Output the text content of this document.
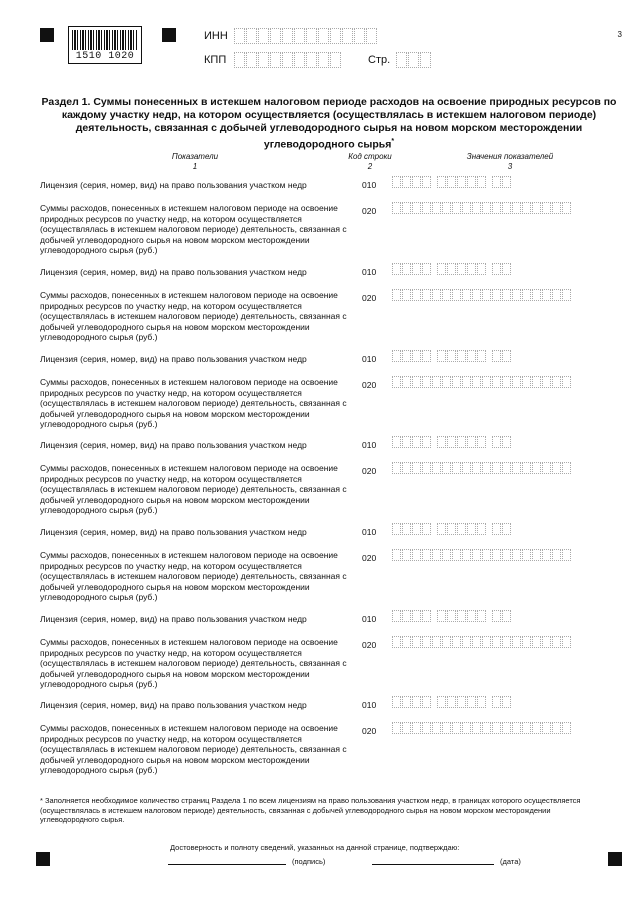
1510 1020
ИНН
КПП	Стр.
3
Раздел 1. Суммы понесенных в истекшем налоговом периоде расходов на освоение природных ресурсов по каждому участку недр, на котором осуществляется (осуществлялась в истекшем налоговом периоде) деятельность, связанная с добычей углеводородного сырья на новом морском месторождении углеводородного сырья*
Показатели
1
Код строки
2
Значения показателей
3
Лицензия (серия, номер, вид) на право пользования участком недр	010
Суммы расходов, понесенных в истекшем налоговом периоде на освоение природных ресурсов по участку недр, на котором осуществляется (осуществлялась в истекшем налоговом периоде) деятельность, связанная с добычей углеводородного сырья на новом морском месторождении углеводородного сырья (руб.)
020
Лицензия (серия, номер, вид) на право пользования участком недр	010
Суммы расходов, понесенных в истекшем налоговом периоде на освоение природных ресурсов по участку недр, на котором осуществляется (осуществлялась в истекшем налоговом периоде) деятельность, связанная с добычей углеводородного сырья на новом морском месторождении углеводородного сырья (руб.)
020
Лицензия (серия, номер, вид) на право пользования участком недр	010
Суммы расходов, понесенных в истекшем налоговом периоде на освоение природных ресурсов по участку недр, на котором осуществляется (осуществлялась в истекшем налоговом периоде) деятельность, связанная с добычей углеводородного сырья на новом морском месторождении углеводородного сырья (руб.)
020
Лицензия (серия, номер, вид) на право пользования участком недр	010
Суммы расходов, понесенных в истекшем налоговом периоде на освоение природных ресурсов по участку недр, на котором осуществляется (осуществлялась в истекшем налоговом периоде) деятельность, связанная с добычей углеводородного сырья на новом морском месторождении углеводородного сырья (руб.)
020
Лицензия (серия, номер, вид) на право пользования участком недр	010
Суммы расходов, понесенных в истекшем налоговом периоде на освоение природных ресурсов по участку недр, на котором осуществляется (осуществлялась в истекшем налоговом периоде) деятельность, связанная с добычей углеводородного сырья на новом морском месторождении углеводородного сырья (руб.)
020
Лицензия (серия, номер, вид) на право пользования участком недр	010
Суммы расходов, понесенных в истекшем налоговом периоде на освоение природных ресурсов по участку недр, на котором осуществляется (осуществлялась в истекшем налоговом периоде) деятельность, связанная с добычей углеводородного сырья на новом морском месторождении углеводородного сырья (руб.)
020
Лицензия (серия, номер, вид) на право пользования участком недр	010
Суммы расходов, понесенных в истекшем налоговом периоде на освоение природных ресурсов по участку недр, на котором осуществляется (осуществлялась в истекшем налоговом периоде) деятельность, связанная с добычей углеводородного сырья на новом морском месторождении углеводородного сырья (руб.)
020
* Заполняется необходимое количество страниц Раздела 1 по всем лицензиям на право пользования участком недр, в границах которого осуществляется (осуществлялась в истекшем налоговом периоде) деятельность, связанная с добычей углеводородного сырья на новом морском месторождении углеводородного сырья.
Достоверность и полноту сведений, указанных на данной странице, подтверждаю:
(подпись)	(дата)
